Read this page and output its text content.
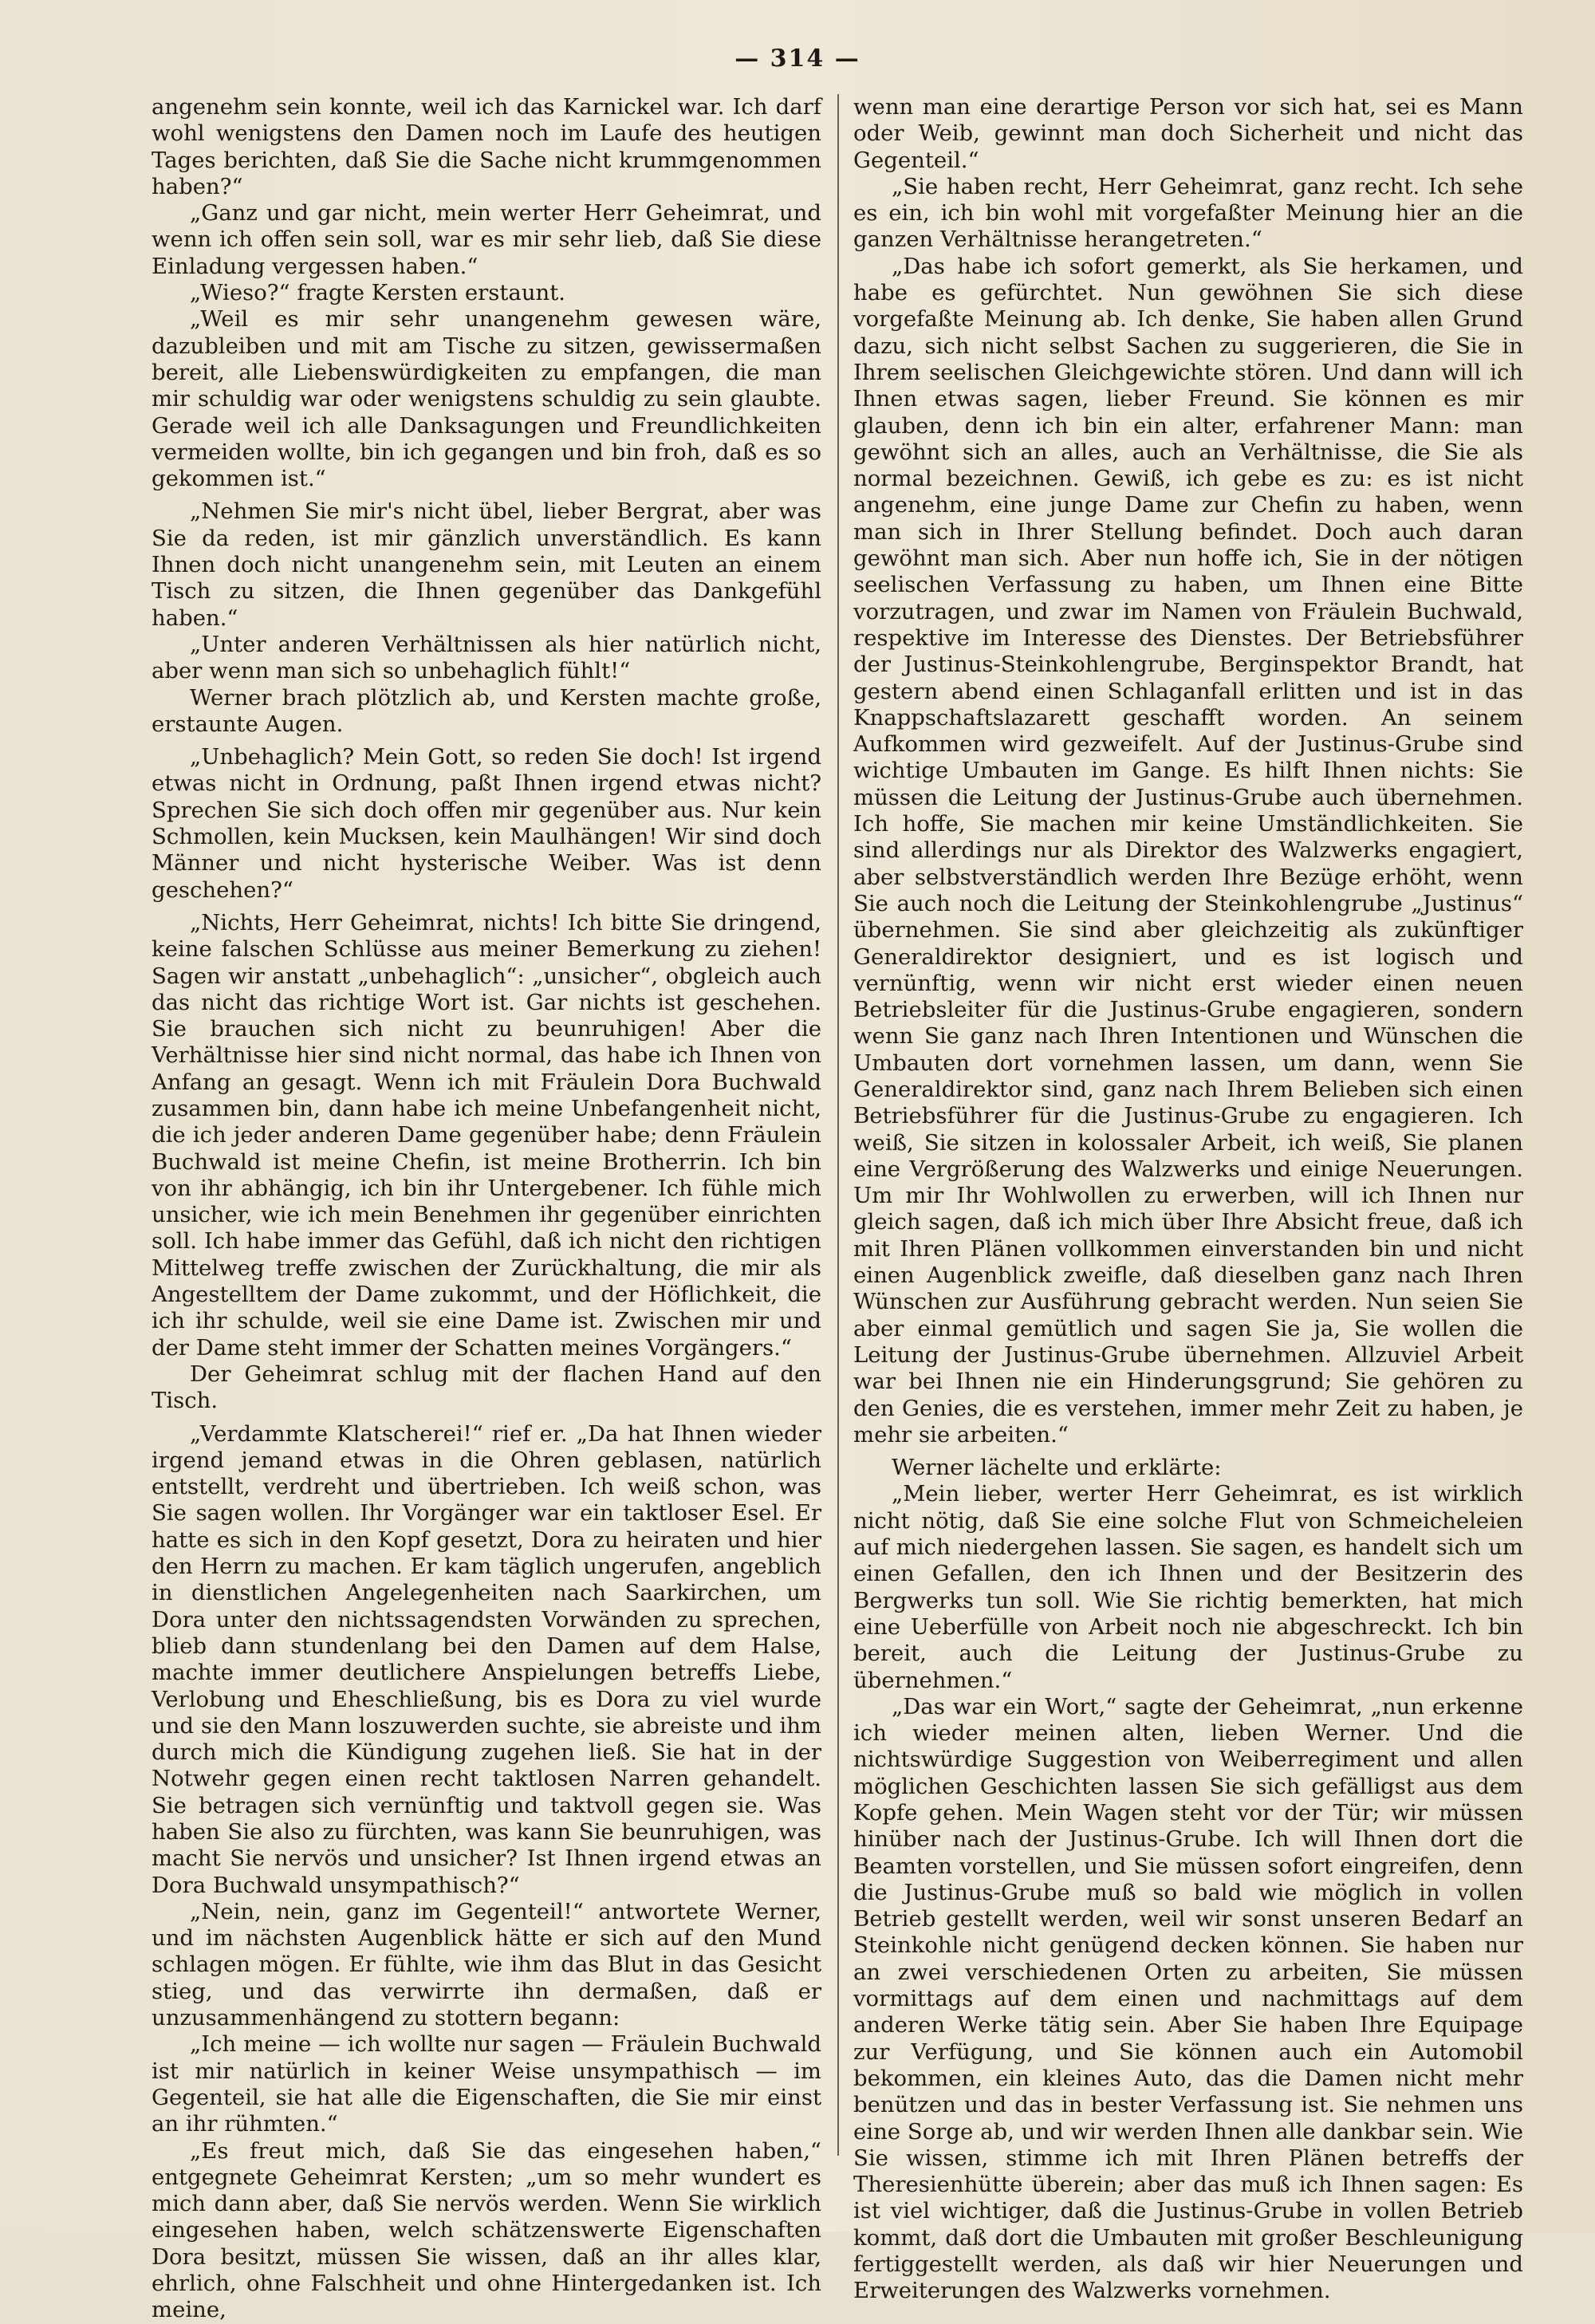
— 314 —

angenehm sein konnte, weil ich das Karnickel war. Ich darf wohl wenigstens den Damen noch im Laufe des heutigen Tages berichten, daß Sie die Sache nicht krummgenommen haben?“

„Ganz und gar nicht, mein werter Herr Geheimrat, und wenn ich offen sein soll, war es mir sehr lieb, daß Sie diese Einladung vergessen haben.“

„Wieso?“ fragte Kersten erstaunt.

„Weil es mir sehr unangenehm gewesen wäre, dazubleiben und mit am Tische zu sitzen, gewissermaßen bereit, alle Liebenswürdigkeiten zu empfangen, die man mir schuldig war oder wenigstens schuldig zu sein glaubte. Gerade weil ich alle Danksagungen und Freundlichkeiten vermeiden wollte, bin ich gegangen und bin froh, daß es so gekommen ist.“

„Nehmen Sie mir's nicht übel, lieber Bergrat, aber was Sie da reden, ist mir gänzlich unverständlich. Es kann Ihnen doch nicht unangenehm sein, mit Leuten an einem Tisch zu sitzen, die Ihnen gegenüber das Dankgefühl haben.“

„Unter anderen Verhältnissen als hier natürlich nicht, aber wenn man sich so unbehaglich fühlt!“

Werner brach plötzlich ab, und Kersten machte große, erstaunte Augen.

„Unbehaglich? Mein Gott, so reden Sie doch! Ist irgend etwas nicht in Ordnung, paßt Ihnen irgend etwas nicht? Sprechen Sie sich doch offen mir gegenüber aus. Nur kein Schmollen, kein Mucksen, kein Maulhängen! Wir sind doch Männer und nicht hysterische Weiber. Was ist denn geschehen?“

„Nichts, Herr Geheimrat, nichts! Ich bitte Sie dringend, keine falschen Schlüsse aus meiner Bemerkung zu ziehen! Sagen wir anstatt „unbehaglich“: „unsicher“, obgleich auch das nicht das richtige Wort ist. Gar nichts ist geschehen. Sie brauchen sich nicht zu beunruhigen! Aber die Verhältnisse hier sind nicht normal, das habe ich Ihnen von Anfang an gesagt. Wenn ich mit Fräulein Dora Buchwald zusammen bin, dann habe ich meine Unbefangenheit nicht, die ich jeder anderen Dame gegenüber habe; denn Fräulein Buchwald ist meine Chefin, ist meine Brotherrin. Ich bin von ihr abhängig, ich bin ihr Untergebener. Ich fühle mich unsicher, wie ich mein Benehmen ihr gegenüber einrichten soll. Ich habe immer das Gefühl, daß ich nicht den richtigen Mittelweg treffe zwischen der Zurückhaltung, die mir als Angestelltem der Dame zukommt, und der Höflichkeit, die ich ihr schulde, weil sie eine Dame ist. Zwischen mir und der Dame steht immer der Schatten meines Vorgängers.“

Der Geheimrat schlug mit der flachen Hand auf den Tisch.

„Verdammte Klatscherei!“ rief er. „Da hat Ihnen wieder irgend jemand etwas in die Ohren geblasen, natürlich entstellt, verdreht und übertrieben. Ich weiß schon, was Sie sagen wollen. Ihr Vorgänger war ein taktloser Esel. Er hatte es sich in den Kopf gesetzt, Dora zu heiraten und hier den Herrn zu machen. Er kam täglich ungerufen, angeblich in dienstlichen Angelegenheiten nach Saarkirchen, um Dora unter den nichtssagendsten Vorwänden zu sprechen, blieb dann stundenlang bei den Damen auf dem Halse, machte immer deutlichere Anspielungen betreffs Liebe, Verlobung und Eheschließung, bis es Dora zu viel wurde und sie den Mann loszuwerden suchte, sie abreiste und ihm durch mich die Kündigung zugehen ließ. Sie hat in der Notwehr gegen einen recht taktlosen Narren gehandelt. Sie betragen sich vernünftig und taktvoll gegen sie. Was haben Sie also zu fürchten, was kann Sie beunruhigen, was macht Sie nervös und unsicher? Ist Ihnen irgend etwas an Dora Buchwald unsympathisch?“

„Nein, nein, ganz im Gegenteil!“ antwortete Werner, und im nächsten Augenblick hätte er sich auf den Mund schlagen mögen. Er fühlte, wie ihm das Blut in das Gesicht stieg, und das verwirrte ihn dermaßen, daß er unzusammenhängend zu stottern begann:

„Ich meine — ich wollte nur sagen — Fräulein Buchwald ist mir natürlich in keiner Weise unsympathisch — im Gegenteil, sie hat alle die Eigenschaften, die Sie mir einst an ihr rühmten.“

„Es freut mich, daß Sie das eingesehen haben,“ entgegnete Geheimrat Kersten; „um so mehr wundert es mich dann aber, daß Sie nervös werden. Wenn Sie wirklich eingesehen haben, welch schätzenswerte Eigenschaften Dora besitzt, müssen Sie wissen, daß an ihr alles klar, ehrlich, ohne Falschheit und ohne Hintergedanken ist. Ich meine,

wenn man eine derartige Person vor sich hat, sei es Mann oder Weib, gewinnt man doch Sicherheit und nicht das Gegenteil.“

„Sie haben recht, Herr Geheimrat, ganz recht. Ich sehe es ein, ich bin wohl mit vorgefaßter Meinung hier an die ganzen Verhältnisse herangetreten.“

„Das habe ich sofort gemerkt, als Sie herkamen, und habe es gefürchtet. Nun gewöhnen Sie sich diese vorgefaßte Meinung ab. Ich denke, Sie haben allen Grund dazu, sich nicht selbst Sachen zu suggerieren, die Sie in Ihrem seelischen Gleichgewichte stören. Und dann will ich Ihnen etwas sagen, lieber Freund. Sie können es mir glauben, denn ich bin ein alter, erfahrener Mann: man gewöhnt sich an alles, auch an Verhältnisse, die Sie als normal bezeichnen. Gewiß, ich gebe es zu: es ist nicht angenehm, eine junge Dame zur Chefin zu haben, wenn man sich in Ihrer Stellung befindet. Doch auch daran gewöhnt man sich. Aber nun hoffe ich, Sie in der nötigen seelischen Verfassung zu haben, um Ihnen eine Bitte vorzutragen, und zwar im Namen von Fräulein Buchwald, respektive im Interesse des Dienstes. Der Betriebsführer der Justinus-Steinkohlengrube, Berginspektor Brandt, hat gestern abend einen Schlaganfall erlitten und ist in das Knappschaftslazarett geschafft worden. An seinem Aufkommen wird gezweifelt. Auf der Justinus-Grube sind wichtige Umbauten im Gange. Es hilft Ihnen nichts: Sie müssen die Leitung der Justinus-Grube auch übernehmen. Ich hoffe, Sie machen mir keine Umständlichkeiten. Sie sind allerdings nur als Direktor des Walzwerks engagiert, aber selbstverständlich werden Ihre Bezüge erhöht, wenn Sie auch noch die Leitung der Steinkohlengrube „Justinus“ übernehmen. Sie sind aber gleichzeitig als zukünftiger Generaldirektor designiert, und es ist logisch und vernünftig, wenn wir nicht erst wieder einen neuen Betriebsleiter für die Justinus-Grube engagieren, sondern wenn Sie ganz nach Ihren Intentionen und Wünschen die Umbauten dort vornehmen lassen, um dann, wenn Sie Generaldirektor sind, ganz nach Ihrem Belieben sich einen Betriebsführer für die Justinus-Grube zu engagieren. Ich weiß, Sie sitzen in kolossaler Arbeit, ich weiß, Sie planen eine Vergrößerung des Walzwerks und einige Neuerungen. Um mir Ihr Wohlwollen zu erwerben, will ich Ihnen nur gleich sagen, daß ich mich über Ihre Absicht freue, daß ich mit Ihren Plänen vollkommen einverstanden bin und nicht einen Augenblick zweifle, daß dieselben ganz nach Ihren Wünschen zur Ausführung gebracht werden. Nun seien Sie aber einmal gemütlich und sagen Sie ja, Sie wollen die Leitung der Justinus-Grube übernehmen. Allzuviel Arbeit war bei Ihnen nie ein Hinderungsgrund; Sie gehören zu den Genies, die es verstehen, immer mehr Zeit zu haben, je mehr sie arbeiten.“

Werner lächelte und erklärte:

„Mein lieber, werter Herr Geheimrat, es ist wirklich nicht nötig, daß Sie eine solche Flut von Schmeicheleien auf mich niedergehen lassen. Sie sagen, es handelt sich um einen Gefallen, den ich Ihnen und der Besitzerin des Bergwerks tun soll. Wie Sie richtig bemerkten, hat mich eine Ueberfülle von Arbeit noch nie abgeschreckt. Ich bin bereit, auch die Leitung der Justinus-Grube zu übernehmen.“

„Das war ein Wort,“ sagte der Geheimrat, „nun erkenne ich wieder meinen alten, lieben Werner. Und die nichtswürdige Suggestion von Weiberregiment und allen möglichen Geschichten lassen Sie sich gefälligst aus dem Kopfe gehen. Mein Wagen steht vor der Tür; wir müssen hinüber nach der Justinus-Grube. Ich will Ihnen dort die Beamten vorstellen, und Sie müssen sofort eingreifen, denn die Justinus-Grube muß so bald wie möglich in vollen Betrieb gestellt werden, weil wir sonst unseren Bedarf an Steinkohle nicht genügend decken können. Sie haben nur an zwei verschiedenen Orten zu arbeiten, Sie müssen vormittags auf dem einen und nachmittags auf dem anderen Werke tätig sein. Aber Sie haben Ihre Equipage zur Verfügung, und Sie können auch ein Automobil bekommen, ein kleines Auto, das die Damen nicht mehr benützen und das in bester Verfassung ist. Sie nehmen uns eine Sorge ab, und wir werden Ihnen alle dankbar sein. Wie Sie wissen, stimme ich mit Ihren Plänen betreffs der Theresienhütte überein; aber das muß ich Ihnen sagen: Es ist viel wichtiger, daß die Justinus-Grube in vollen Betrieb kommt, daß dort die Umbauten mit großer Beschleunigung fertiggestellt werden, als daß wir hier Neuerungen und Erweiterungen des Walzwerks vornehmen.
